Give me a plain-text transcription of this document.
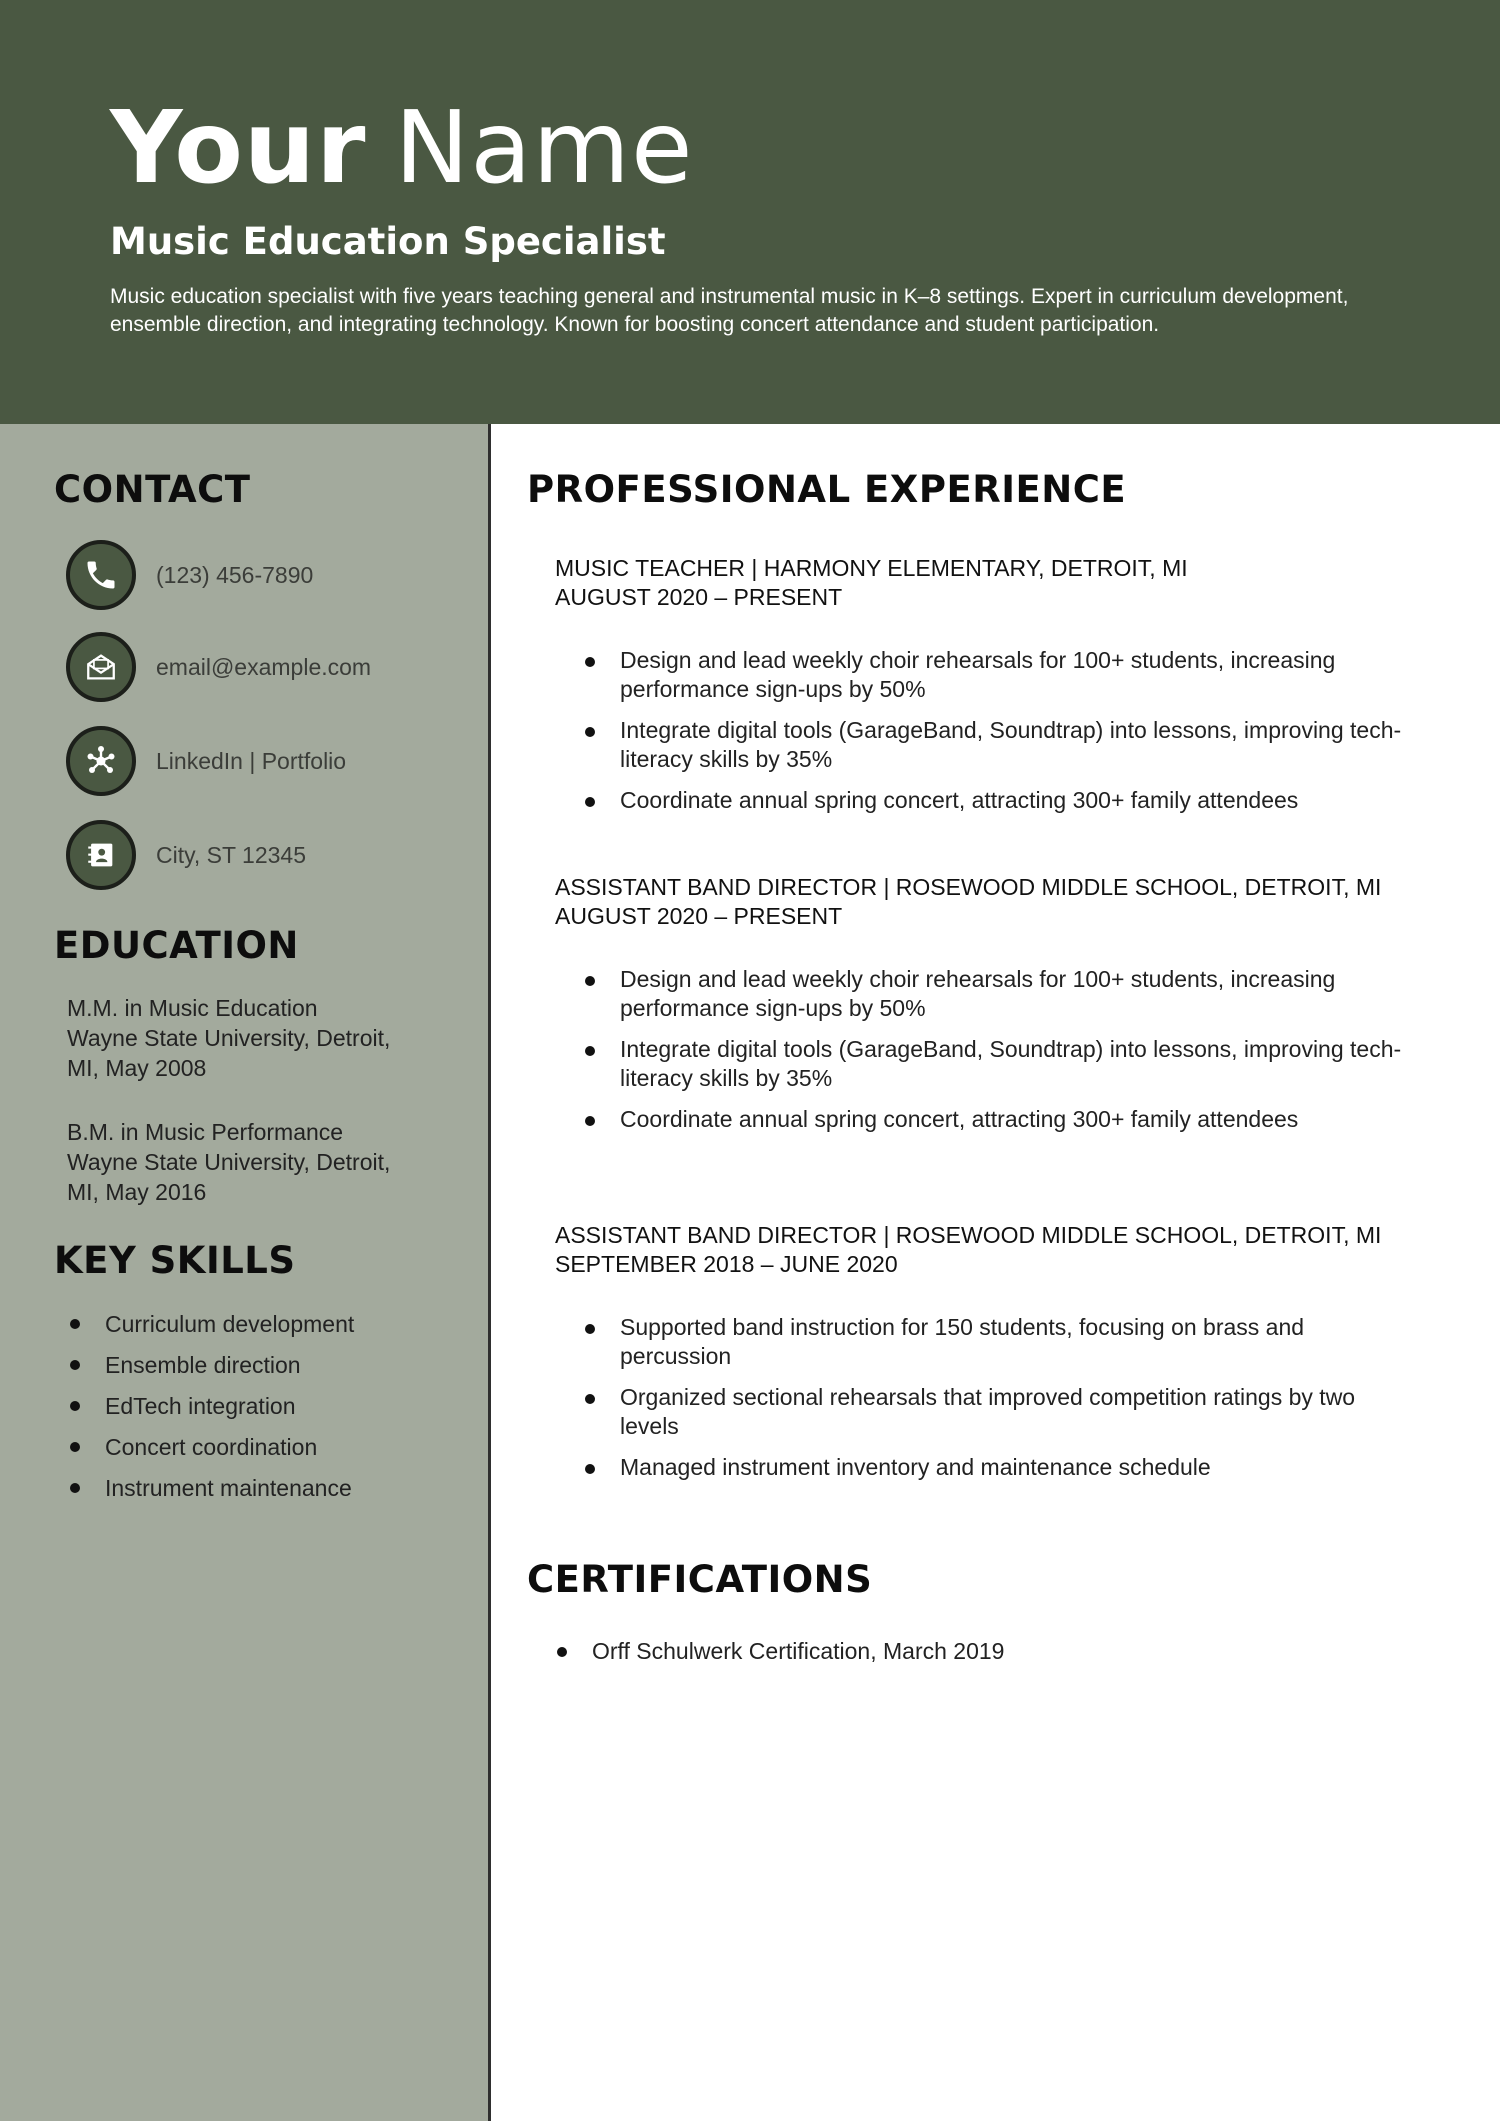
Your Name
Music Education Specialist
Music education specialist with five years teaching general and instrumental music in K–8 settings. Expert in curriculum development, ensemble direction, and integrating technology. Known for boosting concert attendance and student participation.
CONTACT
(123) 456-7890
email@example.com
LinkedIn | Portfolio
City, ST 12345
EDUCATION
M.M. in Music Education
Wayne State University, Detroit,
MI, May 2008
B.M. in Music Performance
Wayne State University, Detroit,
MI, May 2016
KEY SKILLS
Curriculum development
Ensemble direction
EdTech integration
Concert coordination
Instrument maintenance
PROFESSIONAL EXPERIENCE
MUSIC TEACHER | HARMONY ELEMENTARY, DETROIT, MI
AUGUST 2020 – PRESENT
Design and lead weekly choir rehearsals for 100+ students, increasing performance sign-ups by 50%
Integrate digital tools (GarageBand, Soundtrap) into lessons, improving tech-literacy skills by 35%
Coordinate annual spring concert, attracting 300+ family attendees
ASSISTANT BAND DIRECTOR | ROSEWOOD MIDDLE SCHOOL, DETROIT, MI
AUGUST 2020 – PRESENT
Design and lead weekly choir rehearsals for 100+ students, increasing performance sign-ups by 50%
Integrate digital tools (GarageBand, Soundtrap) into lessons, improving tech-literacy skills by 35%
Coordinate annual spring concert, attracting 300+ family attendees
ASSISTANT BAND DIRECTOR | ROSEWOOD MIDDLE SCHOOL, DETROIT, MI
SEPTEMBER 2018 – JUNE 2020
Supported band instruction for 150 students, focusing on brass and percussion
Organized sectional rehearsals that improved competition ratings by two levels
Managed instrument inventory and maintenance schedule
CERTIFICATIONS
Orff Schulwerk Certification, March 2019
